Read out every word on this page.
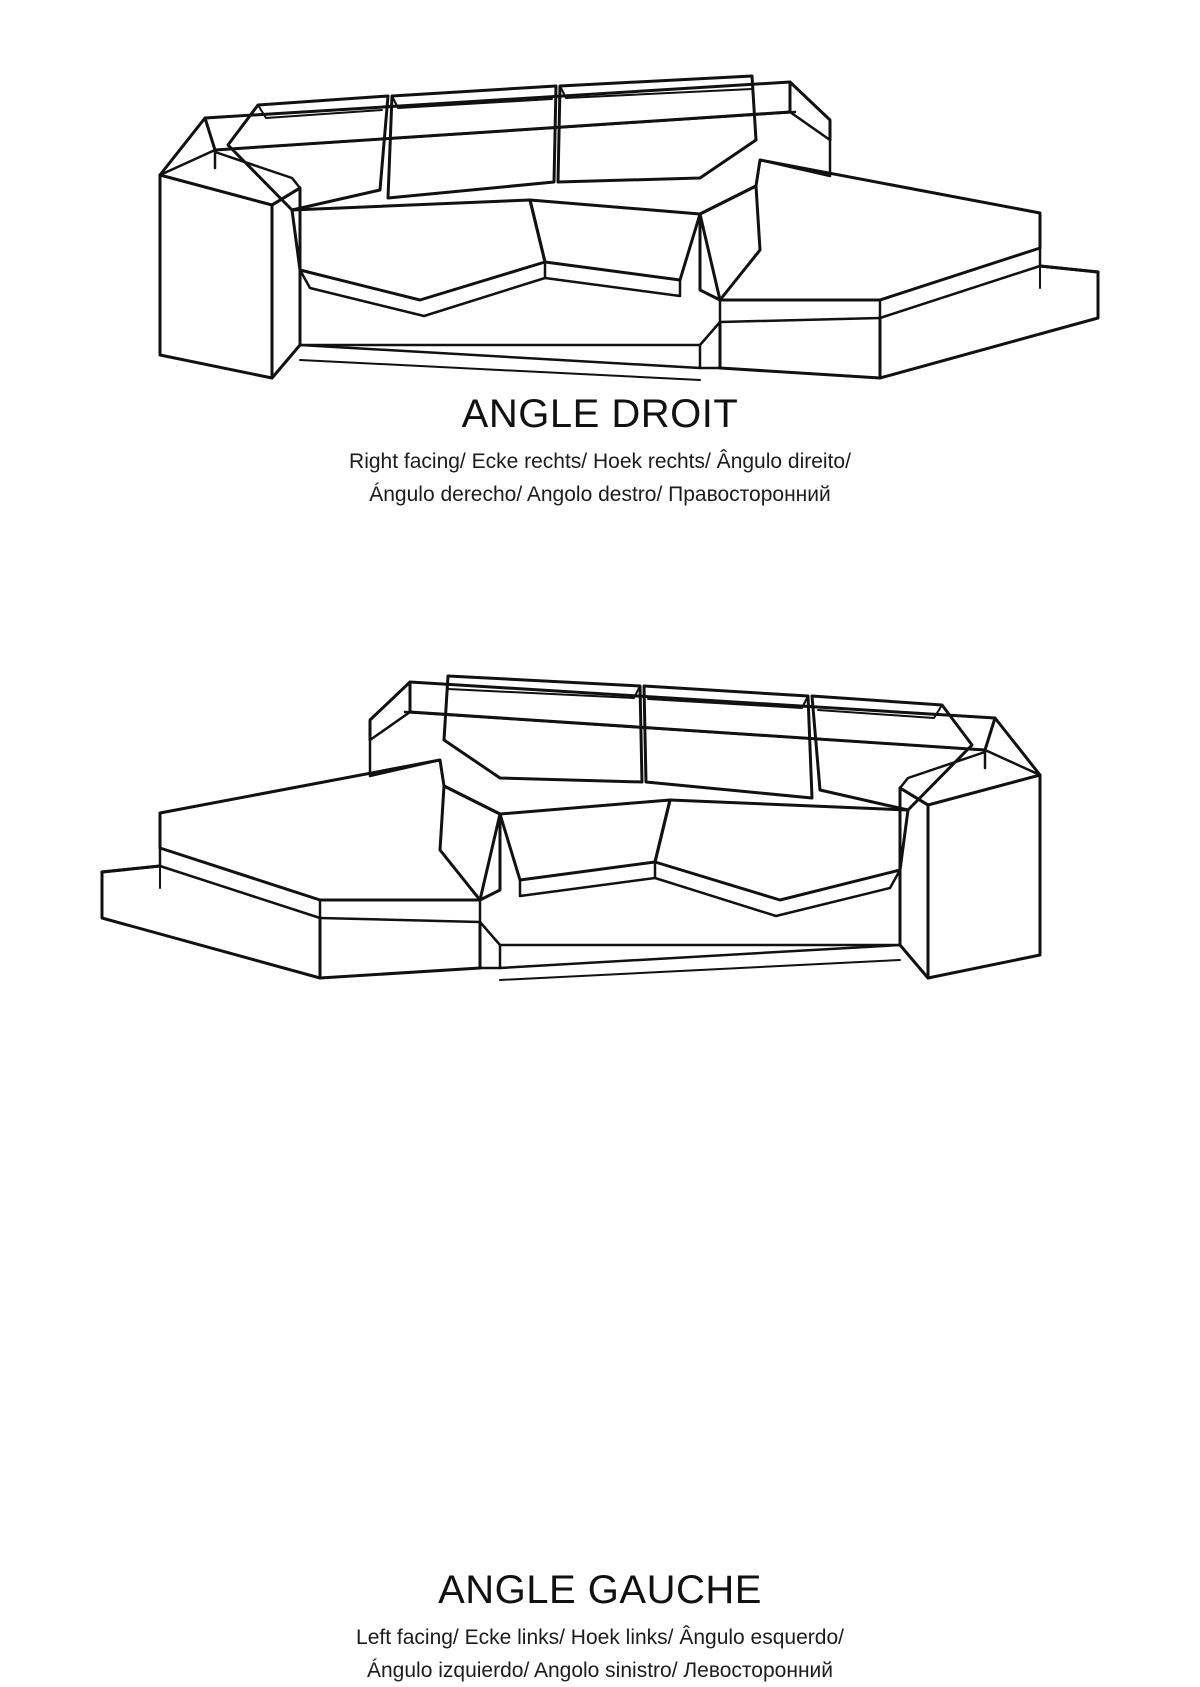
ANGLE DROIT

Right facing/ Ecke rechts/ Hoek rechts/ Ângulo direito/
Ángulo derecho/ Angolo destro/ Правосторонний

ANGLE GAUCHE

Left facing/ Ecke links/ Hoek links/ Ângulo esquerdo/
Ángulo izquierdo/ Angolo sinistro/ Левосторонний
